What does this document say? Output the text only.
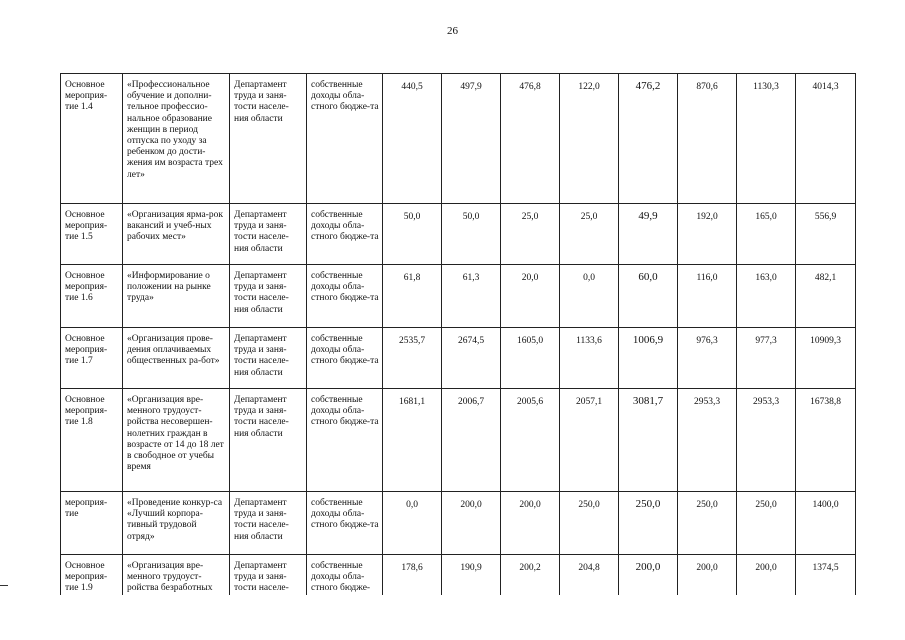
26
Основное мероприя-тие 1.4	«Профессиональное обучение и дополни-тельное профессио-нальное образование женщин в период отпуска по уходу за ребенком до дости-жения им возраста трех лет»	Департамент труда и заня-тости населе-ния области	собственные доходы обла-стного бюдже-та	440,5	497,9	476,8	122,0	476,2	870,6	1130,3	4014,3
Основное мероприя-тие 1.5	«Организация ярма-рок вакансий и учеб-ных рабочих мест»	Департамент труда и заня-тости населе-ния области	собственные доходы обла-стного бюдже-та	50,0	50,0	25,0	25,0	49,9	192,0	165,0	556,9
Основное мероприя-тие 1.6	«Информирование о положении на рынке труда»	Департамент труда и заня-тости населе-ния области	собственные доходы обла-стного бюдже-та	61,8	61,3	20,0	0,0	60,0	116,0	163,0	482,1
Основное мероприя-тие 1.7	«Организация прове-дения оплачиваемых общественных ра-бот»	Департамент труда и заня-тости населе-ния области	собственные доходы обла-стного бюдже-та	2535,7	2674,5	1605,0	1133,6	1006,9	976,3	977,3	10909,3
Основное мероприя-тие 1.8	«Организация вре-менного трудоуст-ройства несовершен-нолетних граждан в возрасте от 14 до 18 лет в свободное от учебы время	Департамент труда и заня-тости населе-ния области	собственные доходы обла-стного бюдже-та	1681,1	2006,7	2005,6	2057,1	3081,7	2953,3	2953,3	16738,8
мероприя-тие	«Проведение конкур-са «Лучший корпора-тивный трудовой отряд»	Департамент труда и заня-тости населе-ния области	собственные доходы обла-стного бюдже-та	0,0	200,0	200,0	250,0	250,0	250,0	250,0	1400,0
Основное мероприя-тие 1.9	«Организация вре-менного трудоуст-ройства безработных	Департамент труда и заня-тости населе-	собственные доходы обла-стного бюдже-	178,6	190,9	200,2	204,8	200,0	200,0	200,0	1374,5
